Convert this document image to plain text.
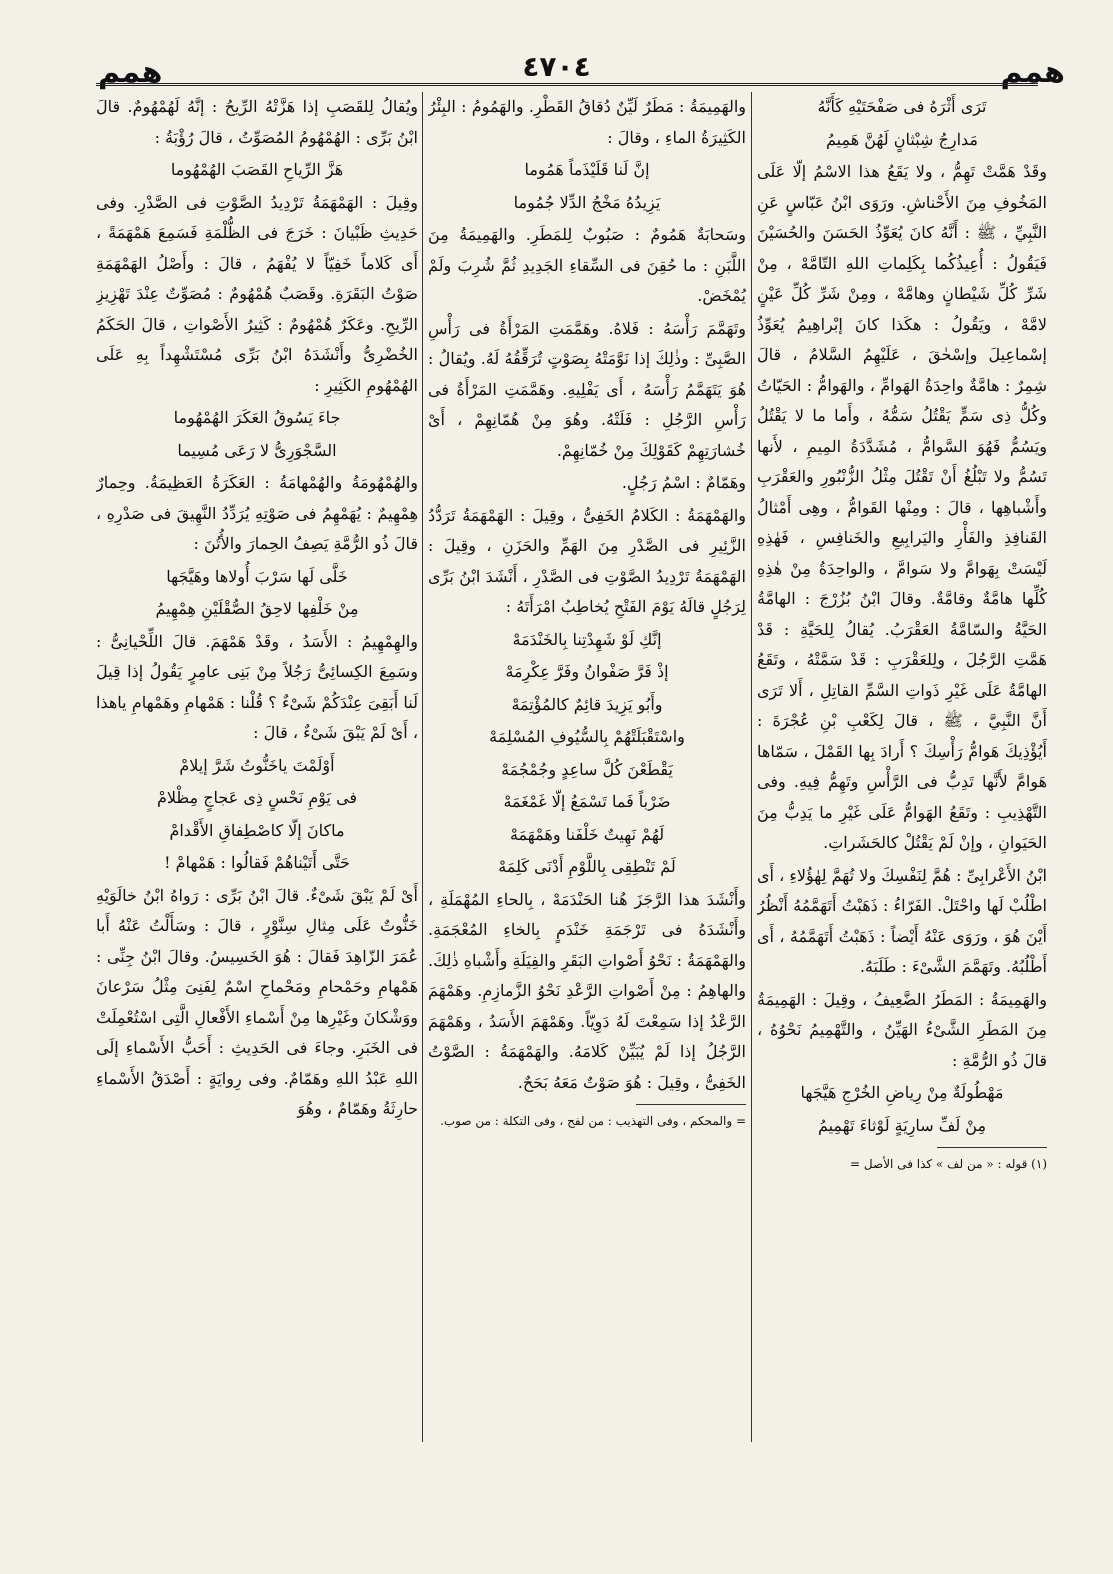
همم
٤٧٠٤
همم

تَرَى أَثْرَهُ فى صَفْحَتَيْهِ كَأَنَّهُ

مَدارِجُ شِبْثانٍ لَهُنَّ هَمِيمُ

وقَدْ هَمَّتْ تَهِمُّ ، ولا يَقَعُ هذا الاسْمُ إلّا عَلَى المَخُوفِ مِنَ الأَحْناشِ. ورَوَى ابْنُ عَبّاسٍ عَنِ النَّبِيِّ ، ﷺ : أَنَّهُ كانَ يُعَوِّذُ الحَسَنَ والحُسَيْنَ فَيَقُولُ : أُعِيذُكُما بِكَلِماتِ اللهِ التّامَّهْ ، مِنْ شَرِّ كُلِّ شَيْطانٍ وهامَّهْ ، ومِنْ شَرِّ كُلِّ عَيْنٍ لامَّهْ ، ويَقُولُ : هكَذا كانَ إبْراهِيمُ يُعَوِّذُ إسْماعِيلَ وإسْحٰقَ ، عَلَيْهِمُ السَّلامُ ، قالَ شِمِرٌ : هامَّةٌ واحِدَةُ الهَوامِّ ، والهَوامُّ : الحَيّاتُ وكُلُّ ذِى سَمٍّ يَقْتُلُ سَمُّهُ ، وأَما ما لا يَقْتُلُ ويَسُمُّ فَهُوَ السَّوامُّ ، مُشَدَّدَةُ المِيمِ ، لأَنها تَسُمُّ ولا تَبْلُغُ أَنْ تَقْتُلَ مِثْلُ الزُّنْبُورِ والعَقْرَبِ وأَشْباهِها ، قالَ : ومِنْها القَوامُّ ، وهِى أَمْثالُ القَنافِذِ والفَأْرِ واليَرابِيعِ والخَنافِسِ ، فَهٰذِهِ لَيْسَتْ بِهَوامَّ ولا سَوامَّ ، والواحِدَةُ مِنْ هٰذِهِ كُلِّها هامَّةٌ وقامَّةٌ. وقالَ ابْنُ بُزُرْجَ : الهامَّةُ الحَيَّةُ والسّامَّةُ العَقْرَبُ. يُقالُ لِلحَيَّةِ : قَدْ هَمَّتِ الرَّجُلَ ، ولِلعَقْرَبِ : قَدْ سَمَّتْهُ ، وتَقَعُ الهامَّةُ عَلَى غَيْرِ ذَواتِ السَّمِّ القاتِلِ ، أَلا تَرَى أَنَّ النَّبِيَّ ، ﷺ ، قالَ لِكَعْبِ بْنِ عُجْرَةَ : أَيُؤْذِيكَ هَوامُّ رَأْسِكَ ؟ أَرادَ بِها القَمْلَ ، سَمّاها هَوامَّ لأَنَّها تَدِبُّ فى الرَّأْسِ وتَهِمُّ فِيهِ. وفى التَّهْذِيبِ : وتَقَعُ الهَوامُّ عَلَى غَيْرِ ما يَدِبُّ مِنَ الحَيَوانِ ، وإنْ لَمْ يَقْتُلْ كالحَشَراتِ.

ابْنُ الأَعْرابِىِّ : هُمَّ لِنَفْسِكَ ولا تُهَمَّ لِهٰؤُلاءِ ، أَى اطْلُبْ لَها واحْتَلْ. الفَرّاءُ : ذَهَبْتُ أَتَهَمَّمُهُ أَنْظُرُ أَيْنَ هُوَ ، ورَوَى عَنْهُ أَيْضاً : ذَهَبْتُ أَتَهَمَّمُهُ ، أَى أَطْلُبُهُ. وتَهَمَّمَ الشَّىْءَ : طَلَبَهُ.

والهَمِيمَةُ : المَطَرُ الضَّعِيفُ ، وقِيلَ : الهَمِيمَةُ مِنَ المَطَرِ الشَّىْءُ الهَيِّنُ ، والتَّهْمِيمُ نَحْوُهُ ، قالَ ذُو الرُّمَّةِ :

مَهْطُولَةٌ مِنْ رِياضِ الخُرْجِ هَيَّجَها

مِنْ لَفِّ سارِيَةٍ لَوْثاءَ تَهْمِيمُ

(١) قوله : « من لف » كذا فى الأصل =

والهَمِيمَةُ : مَطَرٌ لَيِّنٌ دُقاقُ القَطْرِ. والهَمُومُ : البِئْرُ الكَثِيرَةُ الماءِ ، وقالَ :

إنَّ لَنا قَلَيْذَماً هَمُوما

يَزِيدُهُ مَخْجُ الدِّلا جُمُوما

وسَحابَةٌ هَمُومٌ : صَبُوبٌ لِلمَطَرِ. والهَمِيمَةُ مِنَ اللَّبَنِ : ما حُقِنَ فى السِّقاءِ الجَدِيدِ ثُمَّ شُرِبَ ولَمْ يُمْخَضْ.

وتَهَمَّمَ رَأْسَهُ : فَلاهُ. وهَمَّمَتِ المَرْأَةُ فى رَأْسِ الصَّبِىِّ : وذٰلِكَ إذا نَوَّمَتْهُ بِصَوْتٍ تُرَقِّقُهُ لَهُ. ويُقالُ : هُوَ يَتَهَمَّمُ رَأْسَهُ ، أَى يَفْلِيهِ. وهَمَّمَتِ المَرْأَةُ فى رَأْسِ الرَّجُلِ : فَلَتْهُ. وهُوَ مِنْ هُمّانِهِمْ ، أَىْ خُشارَتِهِمْ كَقَوْلِكَ مِنْ خُمّانِهِمْ.

وهَمّامٌ : اسْمُ رَجُلٍ.

والهَمْهَمَةُ : الكَلامُ الخَفِىُّ ، وقِيلَ : الهَمْهَمَةُ تَرَدُّدُ الزَّئِيرِ فى الصَّدْرِ مِنَ الهَمِّ والحَزَنِ ، وقِيلَ : الهَمْهَمَةُ تَرْدِيدُ الصَّوْتِ فى الصَّدْرِ ، أَنْشَدَ ابْنُ بَرِّى لِرَجُلٍ قالَهُ يَوْمَ الفَتْحِ يُخاطِبُ امْرَأَتَهُ :

إنَّكِ لَوْ شَهِدْتِنا بِالخَنْدَمَهْ

إذْ فَرَّ صَفْوانُ وفَرَّ عِكْرِمَهْ

وأَبُو يَزِيدَ قائِمٌ كالمُؤْتِمَهْ

واسْتَقْبَلَتْهُمْ بِالسُّيُوفِ المُسْلِمَهْ

يَقْطَعْنَ كُلَّ ساعِدٍ وجُمْجُمَهْ

ضَرْباً فَما تَسْمَعُ إلّا غَمْغَمَهْ

لَهُمْ نَهِيتٌ خَلْفَنا وهَمْهَمَهْ

لَمْ تَنْطِقِى بِاللَّوْمِ أَدْنَى كَلِمَهْ

وأَنْشَدَ هذا الرَّجَزَ هُنا الحَنْدَمَهْ ، بِالحاءِ المُهْمَلَةِ ، وأَنْشَدَهُ فى تَرْجَمَةِ خَنْدَمٍ بِالخاءِ المُعْجَمَةِ. والهَمْهَمَةُ : نَحْوُ أَصْواتِ البَقَرِ والفِيَلَةِ وأَشْباهِ ذٰلِكَ. والهاهِمُ : مِنْ أَصْواتِ الرَّعْدِ نَحْوُ الزَّمازِمِ. وهَمْهَمَ الرَّعْدُ إذا سَمِعْتَ لَهُ دَوِيّاً. وهَمْهَمَ الأَسَدُ ، وهَمْهَمَ الرَّجُلُ إذا لَمْ يُبَيِّنْ كَلامَهُ. والهَمْهَمَةُ : الصَّوْتُ الخَفِىُّ ، وقِيلَ : هُوَ صَوْتٌ مَعَهُ بَحَحٌ.

= والمحكم ، وفى التهذيب : من لفح ، وفى التكلة : من صوب.

ويُقالُ لِلقَصَبِ إذا هَزَّتْهُ الرِّيحُ : إنَّهُ لَهُمْهُومٌ. قالَ ابْنُ بَرِّى : الهُمْهُومُ المُصَوِّتُ ، قالَ رُؤْبَةُ :

هَزَّ الرِّياحِ القَصَبَ الهُمْهُوما

وقِيلَ : الهَمْهَمَةُ تَرْدِيدُ الصَّوْتِ فى الصَّدْرِ. وفى حَدِيثِ ظَبْيانَ : خَرَجَ فى الظُّلْمَةِ فَسَمِعَ هَمْهَمَةً ، أَى كَلاماً خَفِيّاً لا يُفْهَمُ ، قالَ : وأَصْلُ الهَمْهَمَةِ صَوْتُ البَقَرَةِ. وقَصَبٌ هُمْهُومٌ : مُصَوِّتٌ عِنْدَ تَهْزِيزِ الرِّيحِ. وعَكَرٌ هُمْهُومٌ : كَثِيرُ الأَصْواتِ ، قالَ الحَكَمُ الخُضْرِىُّ وأَنْشَدَهُ ابْنُ بَرِّى مُسْتَشْهِداً بِهِ عَلَى الهُمْهُومِ الكَثِيرِ :

جاءَ يَسُوقُ العَكَرَ الهُمْهُوما

السَّجْوَرِىُّ لا رَعَى مُسِيما

والهُمْهُومَةُ والهُمْهامَةُ : العَكَرَةُ العَظِيمَةُ. وحِمارٌ هِمْهِيمٌ : يُهَمْهِمُ فى صَوْتِهِ يُرَدِّدُ النَّهِيقَ فى صَدْرِهِ ، قالَ ذُو الرُّمَّةِ يَصِفُ الحِمارَ والأُتُنَ :

خَلَّى لَها سَرْبَ أُولاها وهَيَّجَها

مِنْ خَلْفِها لاحِقُ الصُّقْلَيْنِ هِمْهِيمُ

والهِمْهِيمُ : الأَسَدُ ، وقَدْ هَمْهَمَ. قالَ اللِّحْيانِىُّ : وسَمِعَ الكِسائِىُّ رَجُلاً مِنْ بَنِى عامِرٍ يَقُولُ إذا قِيلَ لَنا أَبَقِىَ عِنْدَكُمْ شَىْءٌ ؟ قُلْنا : هَمْهامِ وهَمْهامِ ياهذا ، أَىْ لَمْ يَبْقَ شَىْءٌ ، قالَ :

أَوْلَمْتَ ياخَنُّوتُ شَرَّ إيلامْ

فى يَوْمِ نَحْسٍ ذِى عَجاجٍ مِظْلامْ

ماكانَ إلّا كاصْطِفاقِ الأَقْدامْ

حَتَّى أَتَيْناهُمْ فَقالُوا : هَمْهامْ !

أَىْ لَمْ يَبْقَ شَىْءٌ. قالَ ابْنُ بَرِّى : رَواهُ ابْنُ خالَوَيْهِ خَنُّوتٌ عَلَى مِثالِ سِنَّوْرٍ ، قالَ : وسَأَلْتُ عَنْهُ أَبا عُمَرَ الزّاهِدَ فَقالَ : هُوَ الخَسِيسُ. وقالَ ابْنُ جِنِّى : هَمْهامِ وحَمْحامِ ومَحْماحِ اسْمٌ لِفَنِىَ مِثْلُ سَرْعانَ ووَشْكانَ وغَيْرِها مِنْ أَسْماءِ الأَفْعالِ الَّتِى اسْتُعْمِلَتْ فى الخَبَرِ. وجاءَ فى الحَدِيثِ : أَحَبُّ الأَسْماءِ إلَى اللهِ عَبْدُ اللهِ وهَمّامٌ. وفى رِوايَةٍ : أَصْدَقُ الأَسْماءِ حارِثَةُ وهَمّامٌ ، وهُوَ
